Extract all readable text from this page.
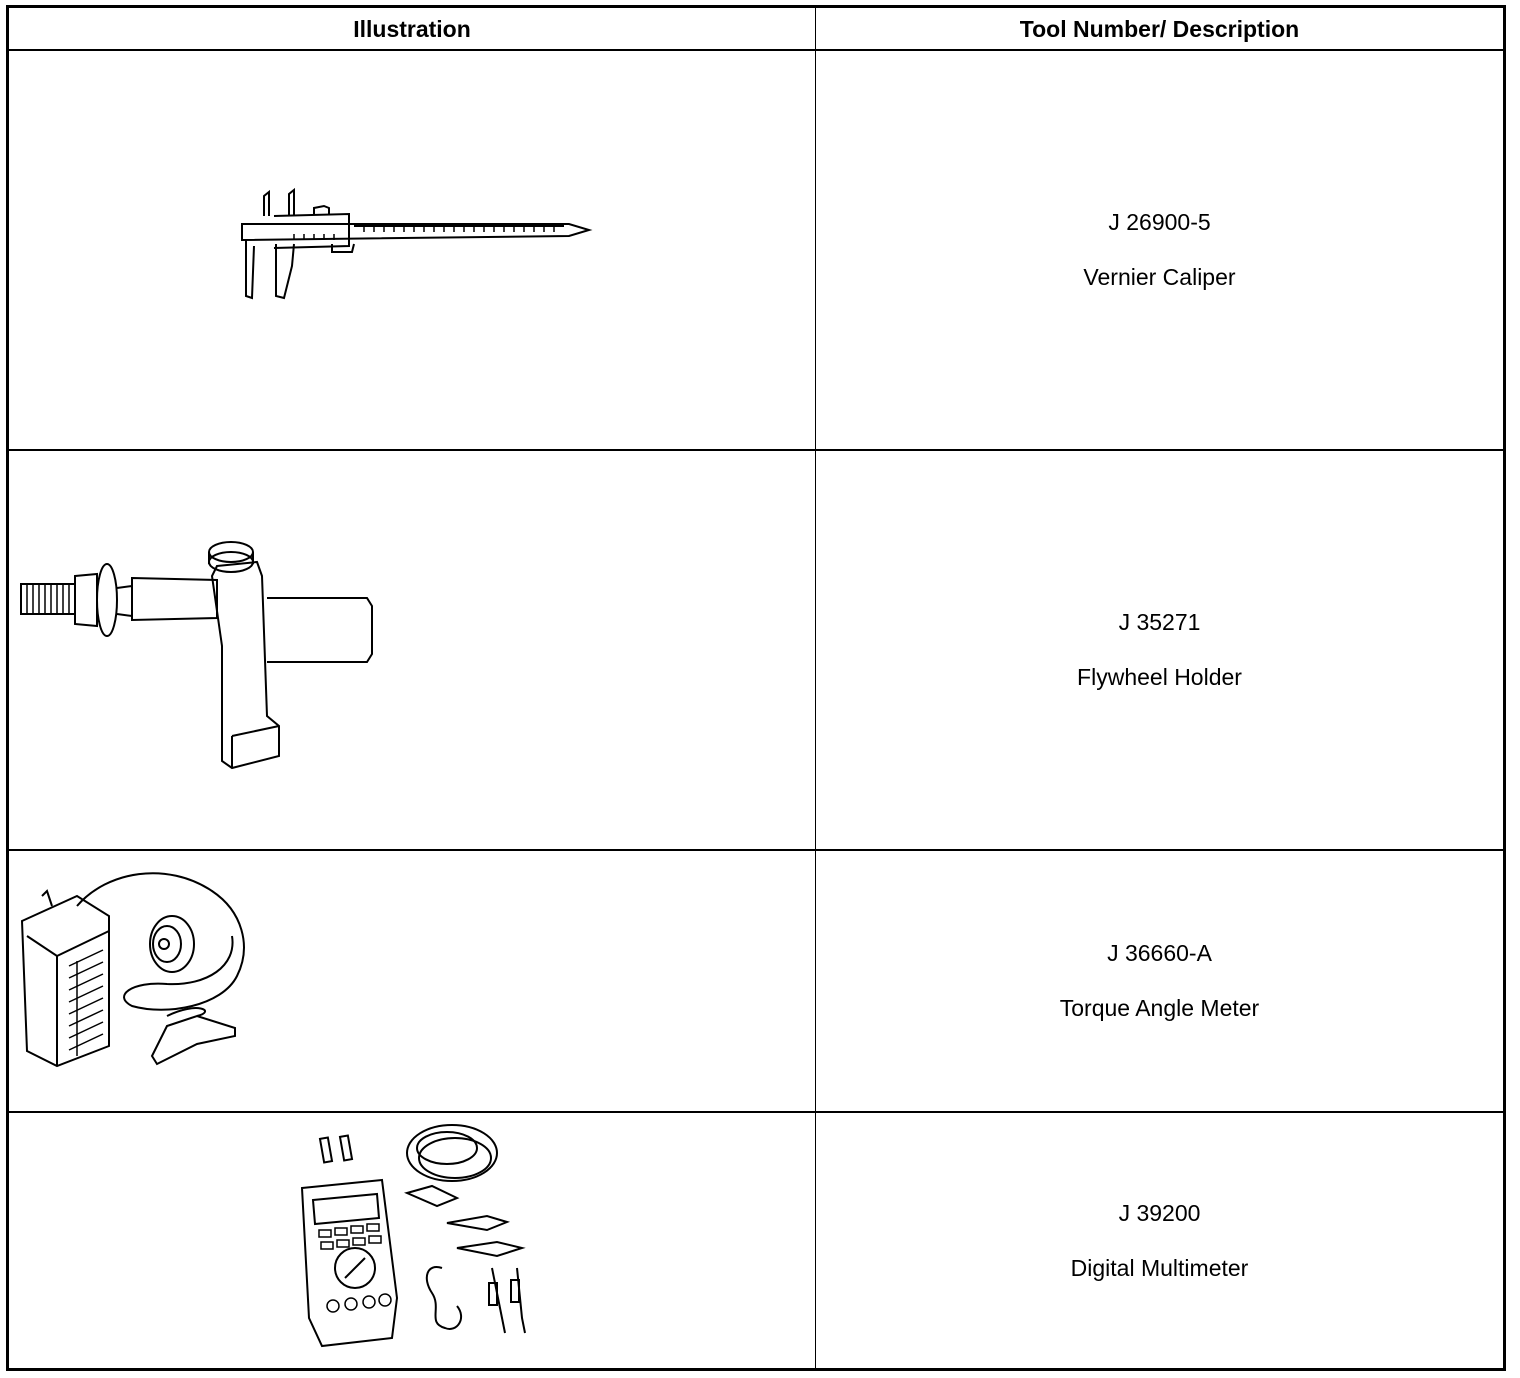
Illustration	Tool Number/ Description
J 26900-5
Vernier Caliper
J 35271
Flywheel Holder
J 36660-A
Torque Angle Meter
J 39200
Digital Multimeter
